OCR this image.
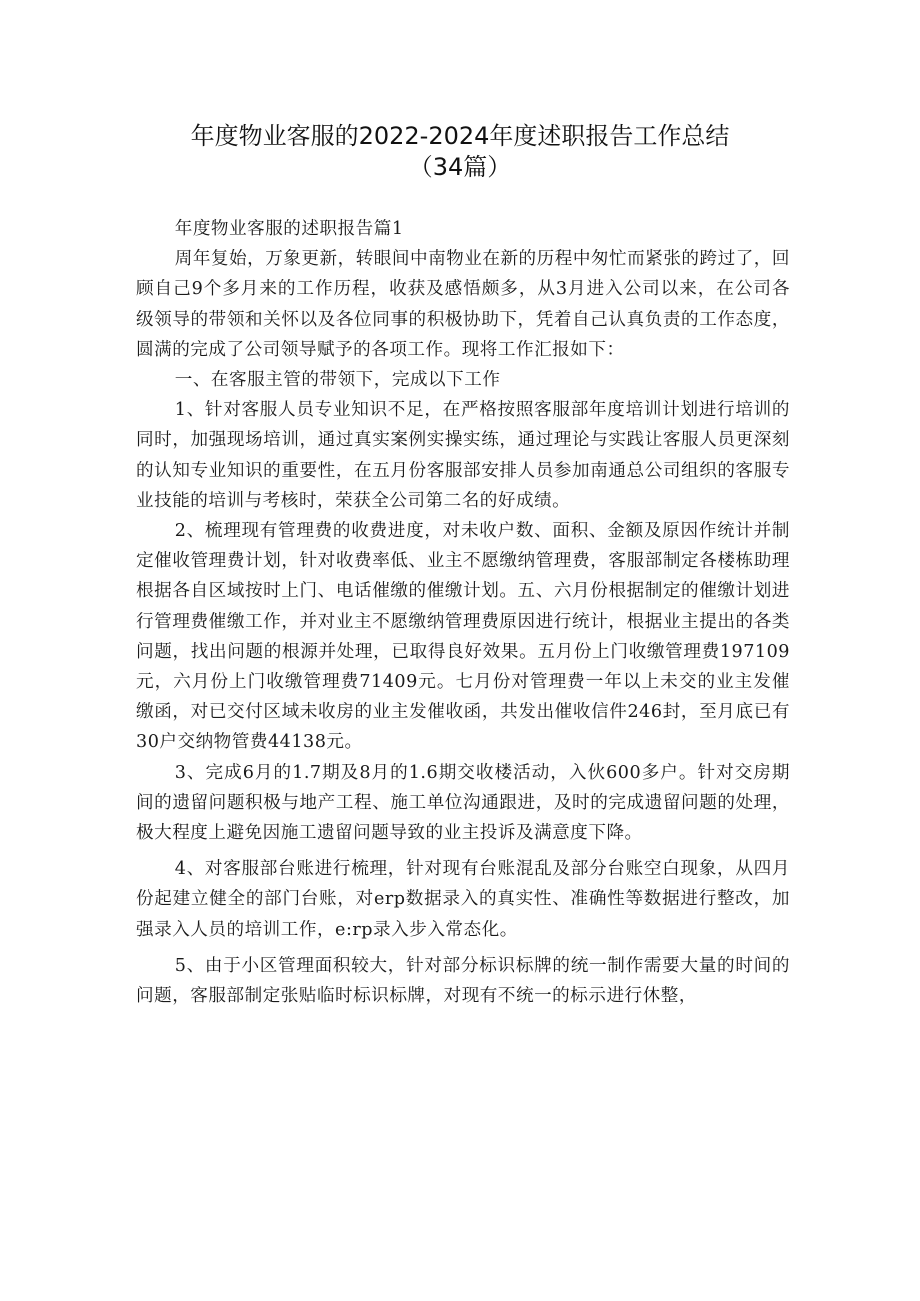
年度物业客服的2022-2024年度述职报告工作总结
（34篇）

年度物业客服的述职报告篇1

周年复始，万象更新，转眼间中南物业在新的历程中匆忙而紧张的跨过了，回顾自己9个多月来的工作历程，收获及感悟颇多，从3月进入公司以来，在公司各级领导的带领和关怀以及各位同事的积极协助下，凭着自己认真负责的工作态度，圆满的完成了公司领导赋予的各项工作。现将工作汇报如下：

一、在客服主管的带领下，完成以下工作

1、针对客服人员专业知识不足，在严格按照客服部年度培训计划进行培训的同时，加强现场培训，通过真实案例实操实练，通过理论与实践让客服人员更深刻的认知专业知识的重要性，在五月份客服部安排人员参加南通总公司组织的客服专业技能的培训与考核时，荣获全公司第二名的好成绩。

2、梳理现有管理费的收费进度，对未收户数、面积、金额及原因作统计并制定催收管理费计划，针对收费率低、业主不愿缴纳管理费，客服部制定各楼栋助理根据各自区域按时上门、电话催缴的催缴计划。五、六月份根据制定的催缴计划进行管理费催缴工作，并对业主不愿缴纳管理费原因进行统计，根据业主提出的各类问题，找出问题的根源并处理，已取得良好效果。五月份上门收缴管理费197109元，六月份上门收缴管理费71409元。七月份对管理费一年以上未交的业主发催缴函，对已交付区域未收房的业主发催收函，共发出催收信件246封，至月底已有30户交纳物管费44138元。

3、完成6月的1.7期及8月的1.6期交收楼活动，入伙600多户。针对交房期间的遗留问题积极与地产工程、施工单位沟通跟进，及时的完成遗留问题的处理，极大程度上避免因施工遗留问题导致的业主投诉及满意度下降。

4、对客服部台账进行梳理，针对现有台账混乱及部分台账空白现象，从四月份起建立健全的部门台账，对erp数据录入的真实性、准确性等数据进行整改，加强录入人员的培训工作，e:rp录入步入常态化。

5、由于小区管理面积较大，针对部分标识标牌的统一制作需要大量的时间的问题，客服部制定张贴临时标识标牌，对现有不统一的标示进行休整，
